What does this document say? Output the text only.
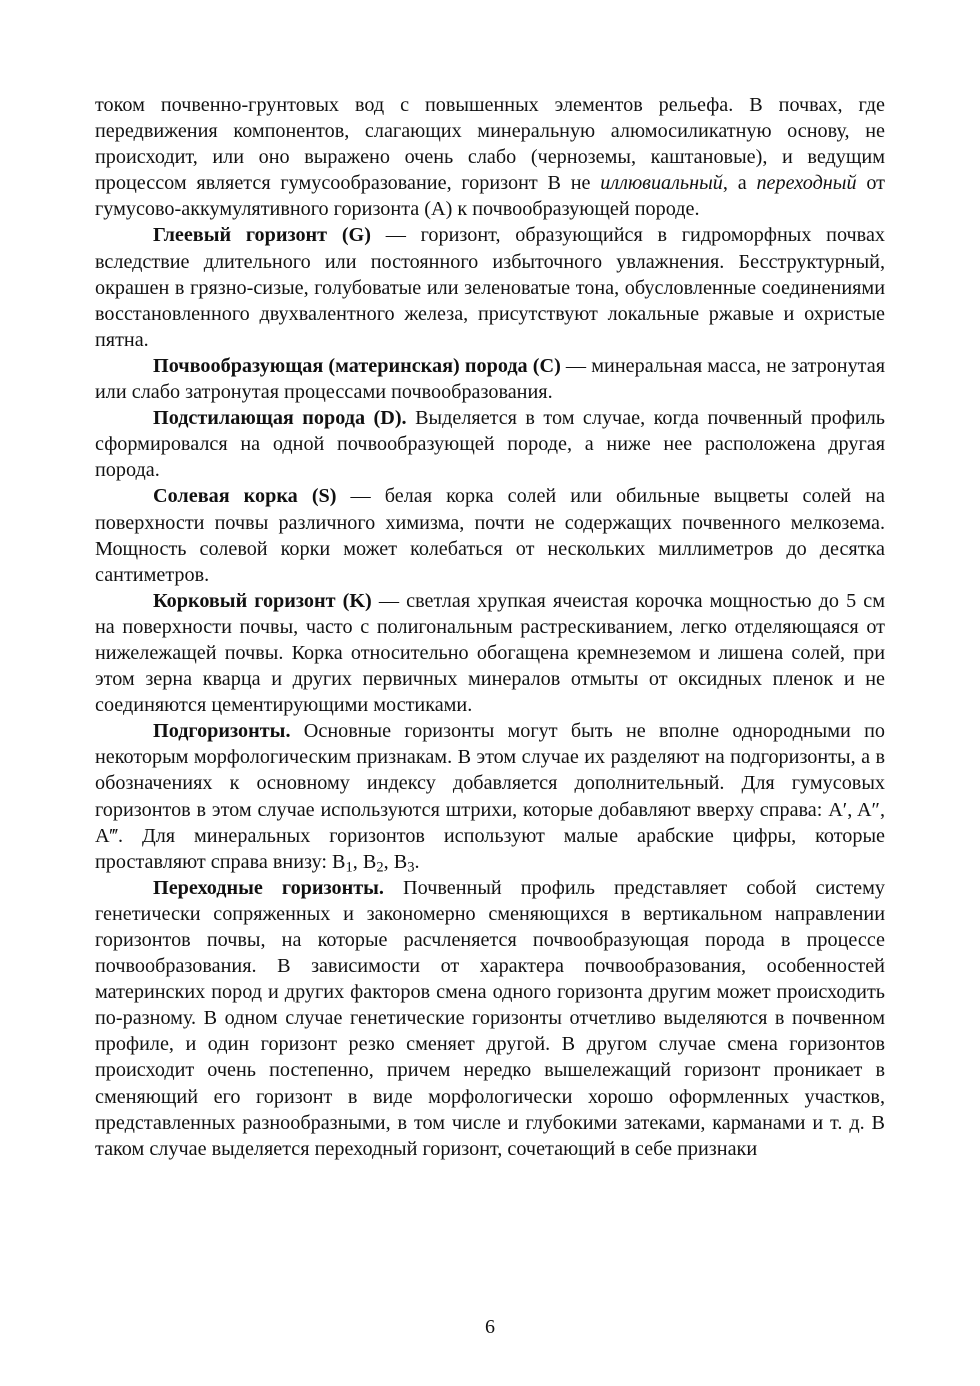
током почвенно-грунтовых вод с повышенных элементов рельефа. В почвах, где передвижения компонентов, слагающих минеральную алюмосиликатную основу, не происходит, или оно выражено очень слабо (черноземы, каштановые), и ведущим процессом является гумусообразование, горизонт В не иллювиальный, а переходный от гумусово-аккумулятивного горизонта (А) к почвообразующей породе.

Глеевый горизонт (G) — горизонт, образующийся в гидроморфных почвах вследствие длительного или постоянного избыточного увлажнения. Бесструктурный, окрашен в грязно-сизые, голубоватые или зеленоватые тона, обусловленные соединениями восстановленного двухвалентного железа, присутствуют локальные ржавые и охристые пятна.

Почвообразующая (материнская) порода (С) — минеральная масса, не затронутая или слабо затронутая процессами почвообразования.

Подстилающая порода (D). Выделяется в том случае, когда почвенный профиль сформировался на одной почвообразующей породе, а ниже нее расположена другая порода.

Солевая корка (S) — белая корка солей или обильные выцветы солей на поверхности почвы различного химизма, почти не содержащих почвенного мелкозема. Мощность солевой корки может колебаться от нескольких миллиметров до десятка сантиметров.

Корковый горизонт (K) — светлая хрупкая ячеистая корочка мощностью до 5 см на поверхности почвы, часто с полигональным растрескиванием, легко отделяющаяся от нижележащей почвы. Корка относительно обогащена кремнеземом и лишена солей, при этом зерна кварца и других первичных минералов отмыты от оксидных пленок и не соединяются цементирующими мостиками.

Подгоризонты. Основные горизонты могут быть не вполне однородными по некоторым морфологическим признакам. В этом случае их разделяют на подгоризонты, а в обозначениях к основному индексу добавляется дополнительный. Для гумусовых горизонтов в этом случае используются штрихи, которые добавляют вверху справа: A′, A″, A‴. Для минеральных горизонтов используют малые арабские цифры, которые проставляют справа внизу: $B_1$, $B_2$, $B_3$.

Переходные горизонты. Почвенный профиль представляет собой систему генетически сопряженных и закономерно сменяющихся в вертикальном направлении горизонтов почвы, на которые расчленяется почвообразующая порода в процессе почвообразования. В зависимости от характера почвообразования, особенностей материнских пород и других факторов смена одного горизонта другим может происходить по-разному. В одном случае генетические горизонты отчетливо выделяются в почвенном профиле, и один горизонт резко сменяет другой. В другом случае смена горизонтов происходит очень постепенно, причем нередко вышележащий горизонт проникает в сменяющий его горизонт в виде морфологически хорошо оформленных участков, представленных разнообразными, в том числе и глубокими затеками, карманами и т. д. В таком случае выделяется переходный горизонт, сочетающий в себе признаки

6
